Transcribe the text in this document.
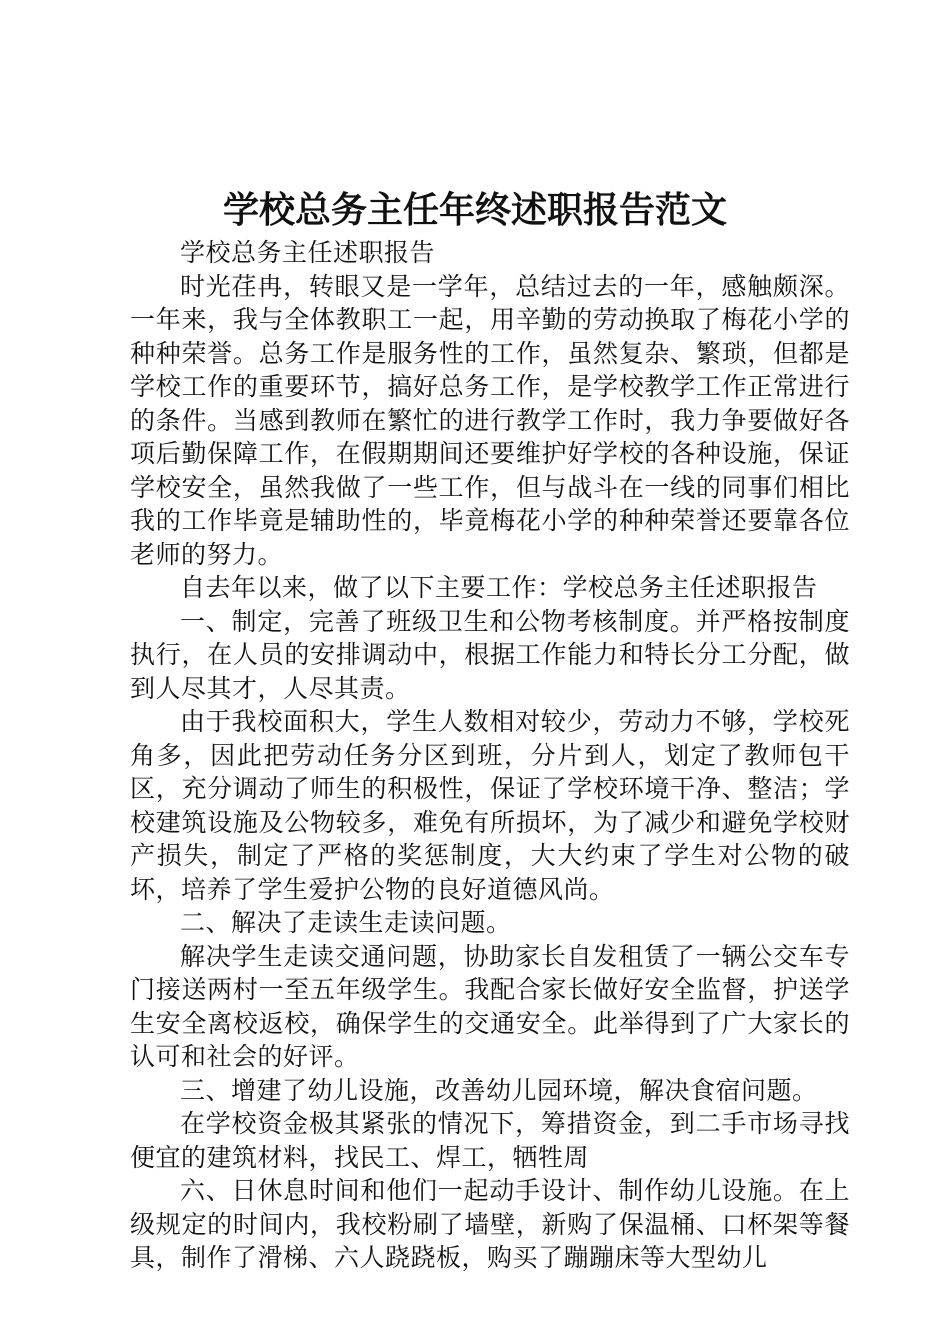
学校总务主任年终述职报告范文

学校总务主任述职报告

时光荏冉，转眼又是一学年，总结过去的一年，感触颇深。一年来，我与全体教职工一起，用辛勤的劳动换取了梅花小学的种种荣誉。总务工作是服务性的工作，虽然复杂、繁琐，但都是学校工作的重要环节，搞好总务工作，是学校教学工作正常进行的条件。当感到教师在繁忙的进行教学工作时，我力争要做好各项后勤保障工作，在假期期间还要维护好学校的各种设施，保证学校安全，虽然我做了一些工作，但与战斗在一线的同事们相比我的工作毕竟是辅助性的，毕竟梅花小学的种种荣誉还要靠各位老师的努力。

自去年以来，做了以下主要工作：学校总务主任述职报告

一、制定，完善了班级卫生和公物考核制度。并严格按制度执行，在人员的安排调动中，根据工作能力和特长分工分配，做到人尽其才，人尽其责。

由于我校面积大，学生人数相对较少，劳动力不够，学校死角多，因此把劳动任务分区到班，分片到人，划定了教师包干区，充分调动了师生的积极性，保证了学校环境干净、整洁；学校建筑设施及公物较多，难免有所损坏，为了减少和避免学校财产损失，制定了严格的奖惩制度，大大约束了学生对公物的破坏，培养了学生爱护公物的良好道德风尚。

二、解决了走读生走读问题。

解决学生走读交通问题，协助家长自发租赁了一辆公交车专门接送两村一至五年级学生。我配合家长做好安全监督，护送学生安全离校返校，确保学生的交通安全。此举得到了广大家长的认可和社会的好评。

三、增建了幼儿设施，改善幼儿园环境，解决食宿问题。

在学校资金极其紧张的情况下，筹措资金，到二手市场寻找便宜的建筑材料，找民工、焊工，牺牲周

六、日休息时间和他们一起动手设计、制作幼儿设施。在上级规定的时间内，我校粉刷了墙壁，新购了保温桶、口杯架等餐具，制作了滑梯、六人跷跷板，购买了蹦蹦床等大型幼儿
